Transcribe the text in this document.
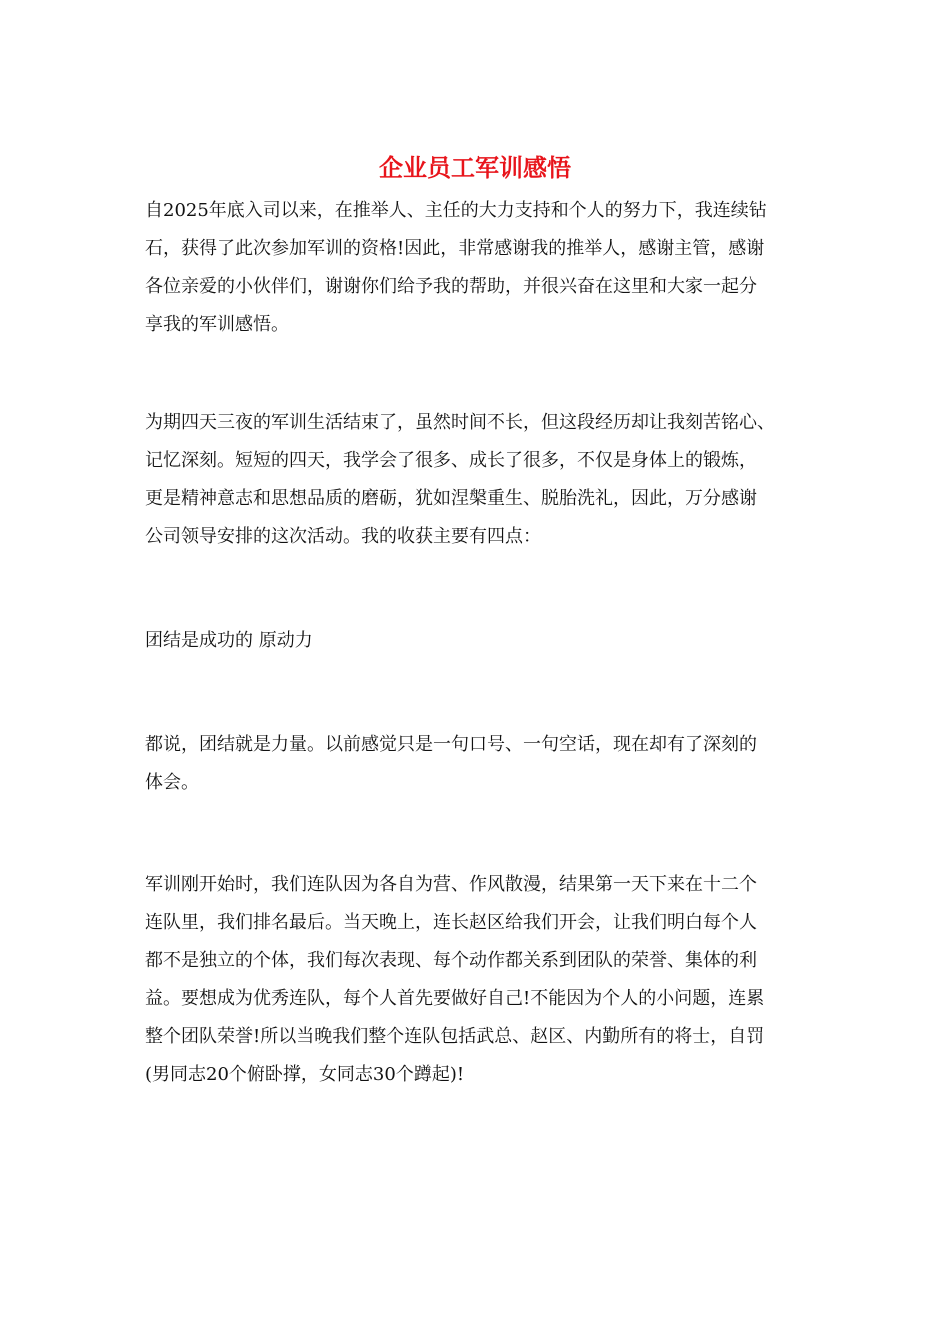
企业员工军训感悟

自2025年底入司以来，在推举人、主任的大力支持和个人的努力下，我连续钻
石，获得了此次参加军训的资格!因此，非常感谢我的推举人，感谢主管，感谢
各位亲爱的小伙伴们，谢谢你们给予我的帮助，并很兴奋在这里和大家一起分
享我的军训感悟。

为期四天三夜的军训生活结束了，虽然时间不长，但这段经历却让我刻苦铭心、
记忆深刻。短短的四天，我学会了很多、成长了很多，不仅是身体上的锻炼，
更是精神意志和思想品质的磨砺，犹如涅槃重生、脱胎洗礼，因此，万分感谢
公司领导安排的这次活动。我的收获主要有四点：

团结是成功的 原动力

都说，团结就是力量。以前感觉只是一句口号、一句空话，现在却有了深刻的
体会。

军训刚开始时，我们连队因为各自为营、作风散漫，结果第一天下来在十二个
连队里，我们排名最后。当天晚上，连长赵区给我们开会，让我们明白每个人
都不是独立的个体，我们每次表现、每个动作都关系到团队的荣誉、集体的利
益。要想成为优秀连队，每个人首先要做好自己!不能因为个人的小问题，连累
整个团队荣誉!所以当晚我们整个连队包括武总、赵区、内勤所有的将士，自罚
(男同志20个俯卧撑，女同志30个蹲起)!
